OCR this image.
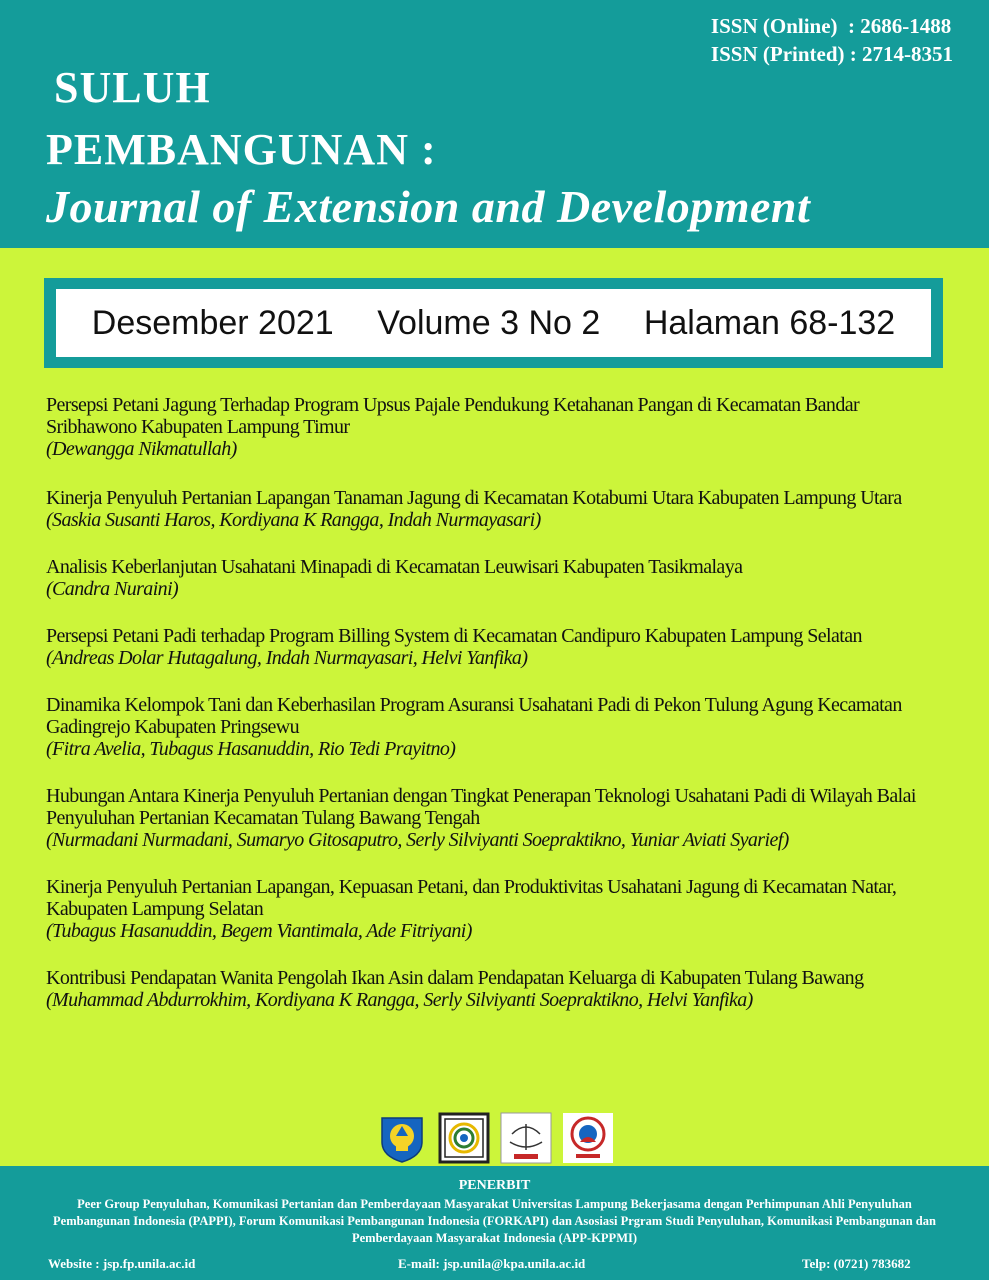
ISSN (Online)  : 2686-1488
ISSN (Printed) : 2714-8351
SULUH
PEMBANGUNAN :
Journal of Extension and Development
Desember 2021 Volume 3 No 2 Halaman 68-132
Persepsi Petani Jagung Terhadap Program Upsus Pajale Pendukung Ketahanan Pangan di Kecamatan Bandar Sribhawono Kabupaten Lampung Timur
(Dewangga Nikmatullah)
Kinerja Penyuluh Pertanian Lapangan Tanaman Jagung di Kecamatan Kotabumi Utara Kabupaten Lampung Utara
(Saskia Susanti Haros, Kordiyana K Rangga, Indah Nurmayasari)
Analisis Keberlanjutan Usahatani Minapadi di Kecamatan Leuwisari Kabupaten Tasikmalaya
(Candra Nuraini)
Persepsi Petani Padi terhadap Program Billing System di Kecamatan Candipuro Kabupaten Lampung Selatan
(Andreas Dolar Hutagalung, Indah Nurmayasari, Helvi Yanfika)
Dinamika Kelompok Tani dan Keberhasilan Program Asuransi Usahatani Padi di Pekon Tulung Agung Kecamatan Gadingrejo Kabupaten Pringsewu
(Fitra Avelia, Tubagus Hasanuddin, Rio Tedi Prayitno)
Hubungan Antara Kinerja Penyuluh Pertanian dengan Tingkat Penerapan Teknologi Usahatani Padi di Wilayah Balai Penyuluhan Pertanian Kecamatan Tulang Bawang Tengah
(Nurmadani Nurmadani, Sumaryo Gitosaputro, Serly Silviyanti Soepraktikno, Yuniar Aviati Syarief)
Kinerja Penyuluh Pertanian Lapangan, Kepuasan Petani, dan Produktivitas Usahatani Jagung di Kecamatan Natar, Kabupaten Lampung Selatan
(Tubagus Hasanuddin, Begem Viantimala, Ade Fitriyani)
Kontribusi Pendapatan Wanita Pengolah Ikan Asin dalam Pendapatan Keluarga di Kabupaten Tulang Bawang
(Muhammad Abdurrokhim, Kordiyana K Rangga, Serly Silviyanti Soepraktikno, Helvi Yanfika)
PENERBIT
Peer Group Penyuluhan, Komunikasi Pertanian dan Pemberdayaan Masyarakat Universitas Lampung Bekerjasama dengan Perhimpunan Ahli Penyuluhan Pembangunan Indonesia (PAPPI), Forum Komunikasi Pembangunan Indonesia (FORKAPI) dan Asosiasi Prgram Studi Penyuluhan, Komunikasi Pembangunan dan Pemberdayaan Masyarakat Indonesia (APP-KPPMI)
Website : jsp.fp.unila.ac.id	E-mail: jsp.unila@kpa.unila.ac.id	Telp: (0721) 783682
